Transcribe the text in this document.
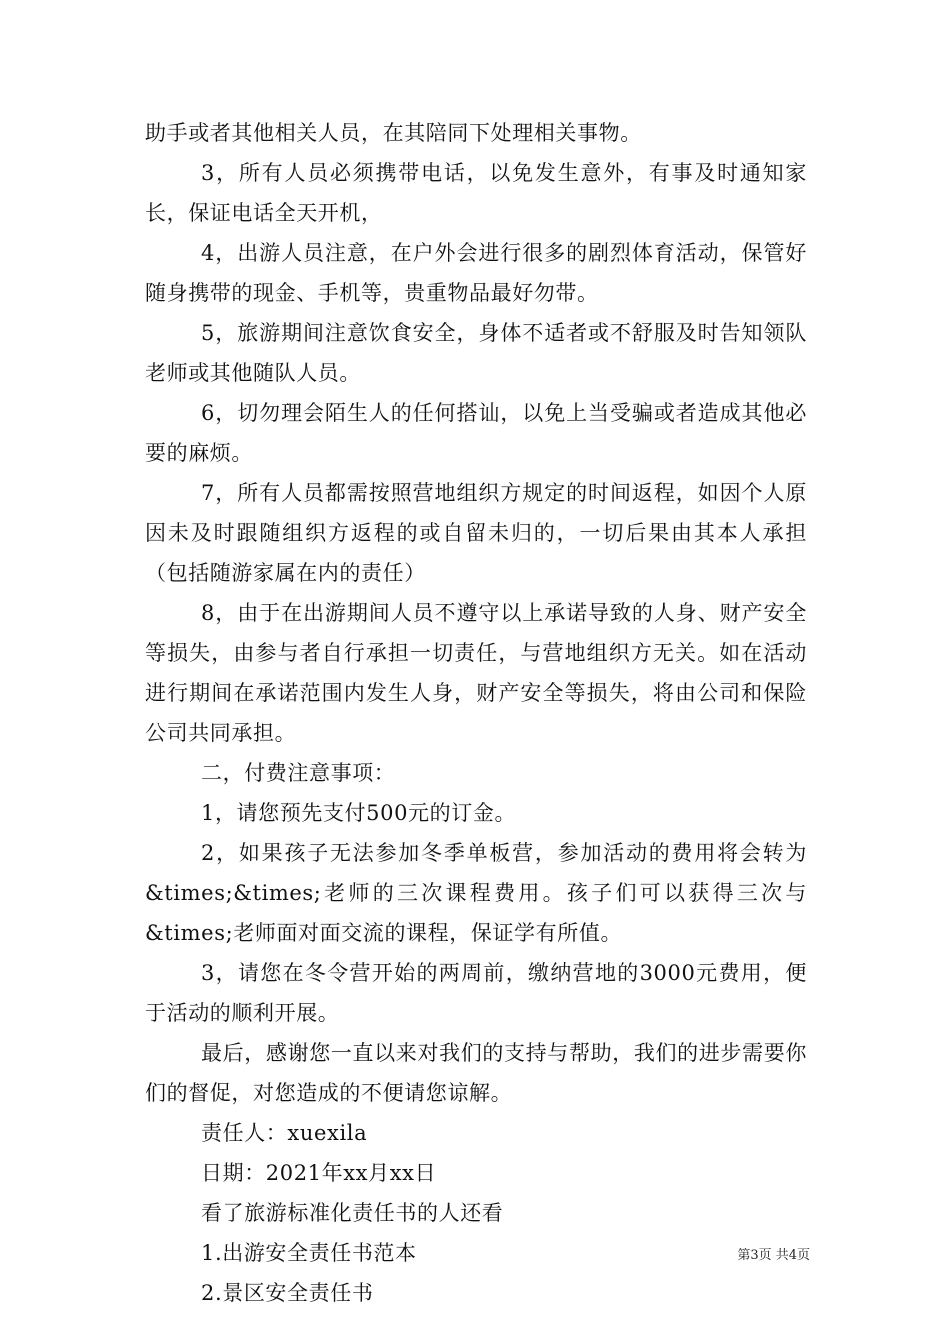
助手或者其他相关人员，在其陪同下处理相关事物。

3，所有人员必须携带电话，以免发生意外，有事及时通知家长，保证电话全天开机，

4，出游人员注意，在户外会进行很多的剧烈体育活动，保管好随身携带的现金、手机等，贵重物品最好勿带。

5，旅游期间注意饮食安全，身体不适者或不舒服及时告知领队老师或其他随队人员。

6，切勿理会陌生人的任何搭讪，以免上当受骗或者造成其他必要的麻烦。

7，所有人员都需按照营地组织方规定的时间返程，如因个人原因未及时跟随组织方返程的或自留未归的，一切后果由其本人承担（包括随游家属在内的责任）

8，由于在出游期间人员不遵守以上承诺导致的人身、财产安全等损失，由参与者自行承担一切责任，与营地组织方无关。如在活动进行期间在承诺范围内发生人身，财产安全等损失，将由公司和保险公司共同承担。

二，付费注意事项：

1，请您预先支付500元的订金。

2，如果孩子无法参加冬季单板营，参加活动的费用将会转为&times;&times;老师的三次课程费用。孩子们可以获得三次与&times;老师面对面交流的课程，保证学有所值。

3，请您在冬令营开始的两周前，缴纳营地的3000元费用，便于活动的顺利开展。

最后，感谢您一直以来对我们的支持与帮助，我们的进步需要你们的督促，对您造成的不便请您谅解。

责任人：xuexila

日期：2021年xx月xx日

看了旅游标准化责任书的人还看

1.出游安全责任书范本

2.景区安全责任书

第3页 共4页
